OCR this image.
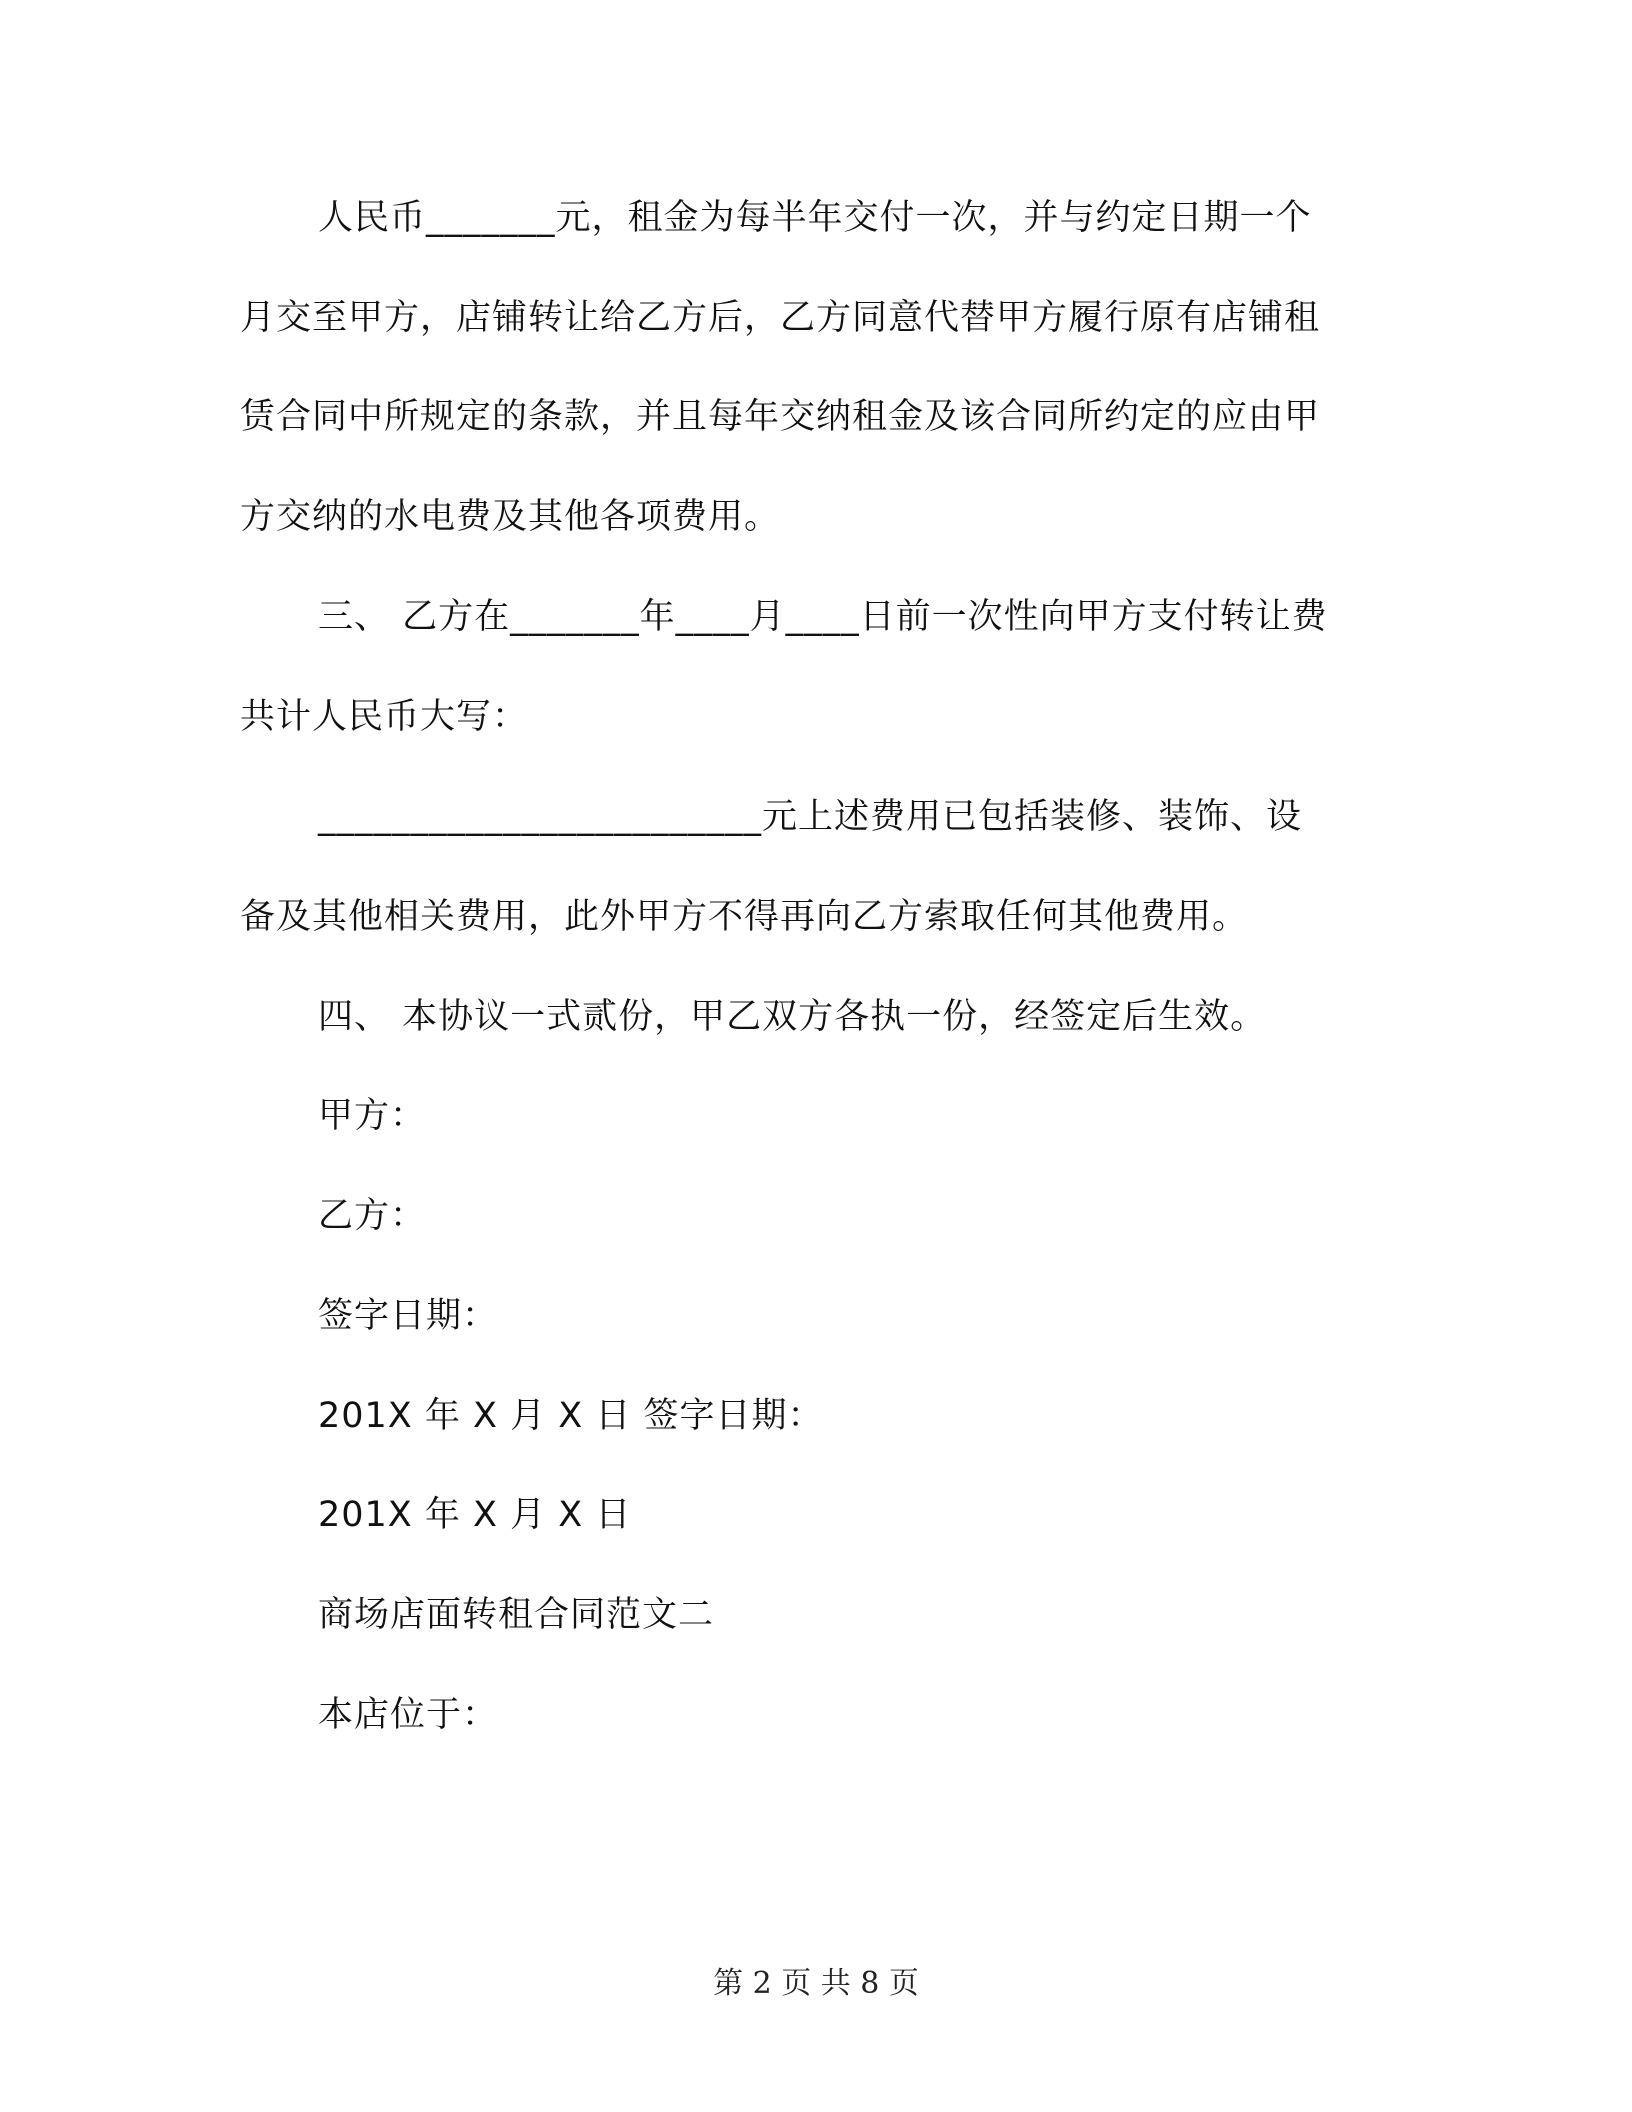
人民币_______元，租金为每半年交付一次，并与约定日期一个
月交至甲方，店铺转让给乙方后，乙方同意代替甲方履行原有店铺租
赁合同中所规定的条款，并且每年交纳租金及该合同所约定的应由甲
方交纳的水电费及其他各项费用。
三、 乙方在_______年____月____日前一次性向甲方支付转让费
共计人民币大写：
________________________元上述费用已包括装修、装饰、设
备及其他相关费用，此外甲方不得再向乙方索取任何其他费用。
四、 本协议一式贰份，甲乙双方各执一份，经签定后生效。
甲方：
乙方：
签字日期：
201X 年 X 月 X 日 签字日期：
201X 年 X 月 X 日
商场店面转租合同范文二
本店位于：
第 2 页 共 8 页
